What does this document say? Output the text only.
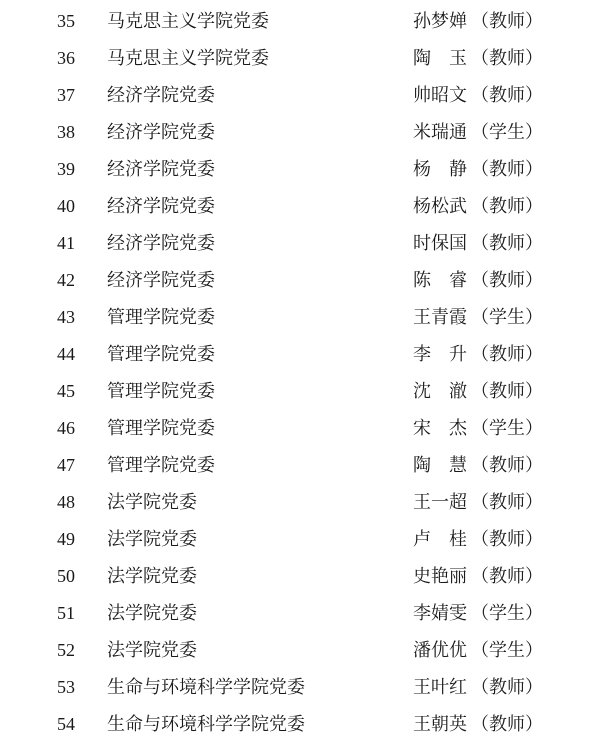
35	马克思主义学院党委	孙梦婵 （教师）
36	马克思主义学院党委	陶　玉 （教师）
37	经济学院党委	帅昭文 （教师）
38	经济学院党委	米瑞通 （学生）
39	经济学院党委	杨　静 （教师）
40	经济学院党委	杨松武 （教师）
41	经济学院党委	时保国 （教师）
42	经济学院党委	陈　睿 （教师）
43	管理学院党委	王青霞 （学生）
44	管理学院党委	李　升 （教师）
45	管理学院党委	沈　澈 （教师）
46	管理学院党委	宋　杰 （学生）
47	管理学院党委	陶　慧 （教师）
48	法学院党委	王一超 （教师）
49	法学院党委	卢　桂 （教师）
50	法学院党委	史艳丽 （教师）
51	法学院党委	李婧雯 （学生）
52	法学院党委	潘优优 （学生）
53	生命与环境科学学院党委	王叶红 （教师）
54	生命与环境科学学院党委	王朝英 （教师）
